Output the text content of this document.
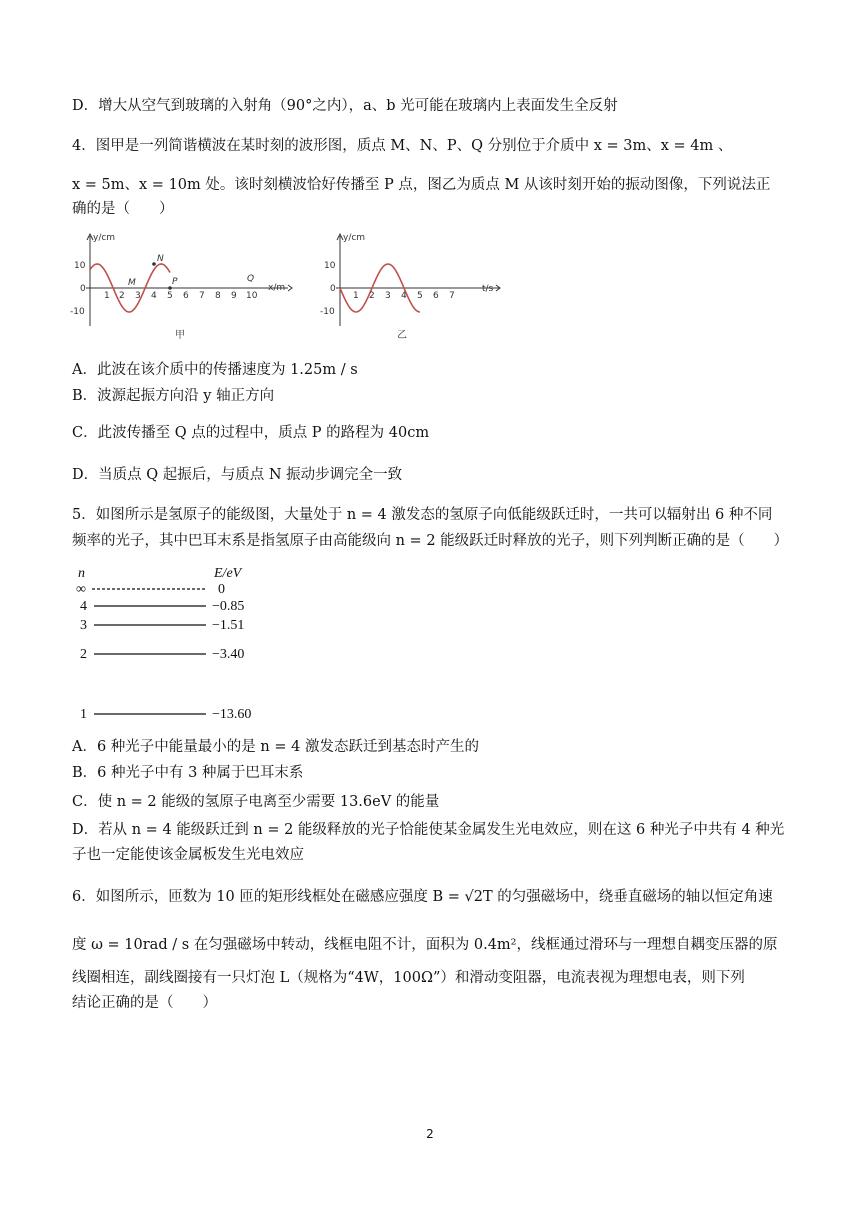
D．增大从空气到玻璃的入射角（90°之内），a、b 光可能在玻璃内上表面发生全反射
4．图甲是一列简谐横波在某时刻的波形图，质点 M、N、P、Q 分别位于介质中 x = 3m、x = 4m 、
x = 5m、x = 10m 处。该时刻横波恰好传播至 P 点，图乙为质点 M 从该时刻开始的振动图像，下列说法正
确的是（　　）
y/cm
x/m
10
0
-10
1 2 3 4 5 6 7 8 9 10
M
N
P	Q
甲
y/cm
t/s
10
0
-10
1 2 3 4 5 6 7
乙
A．此波在该介质中的传播速度为 1.25m / s
B．波源起振方向沿 y 轴正方向
C．此波传播至 Q 点的过程中，质点 P 的路程为 40cm
D．当质点 Q 起振后，与质点 N 振动步调完全一致
5．如图所示是氢原子的能级图，大量处于 n = 4 激发态的氢原子向低能级跃迁时，一共可以辐射出 6 种不同
频率的光子，其中巴耳末系是指氢原子由高能级向 n = 2 能级跃迁时释放的光子，则下列判断正确的是（　　）
n	E/eV
∞	0
4	−0.85
3	−1.51
2	−3.40
1	−13.60
A．6 种光子中能量最小的是 n = 4 激发态跃迁到基态时产生的
B．6 种光子中有 3 种属于巴耳末系
C．使 n = 2 能级的氢原子电离至少需要 13.6eV 的能量
D．若从 n = 4 能级跃迁到 n = 2 能级释放的光子恰能使某金属发生光电效应，则在这 6 种光子中共有 4 种光
子也一定能使该金属板发生光电效应
6．如图所示，匝数为 10 匝的矩形线框处在磁感应强度 B = √2T 的匀强磁场中，绕垂直磁场的轴以恒定角速
度 ω = 10rad / s 在匀强磁场中转动，线框电阻不计，面积为 0.4m²，线框通过滑环与一理想自耦变压器的原
线圈相连，副线圈接有一只灯泡 L（规格为“4W，100Ω”）和滑动变阻器，电流表视为理想电表，则下列
结论正确的是（　　）
2
